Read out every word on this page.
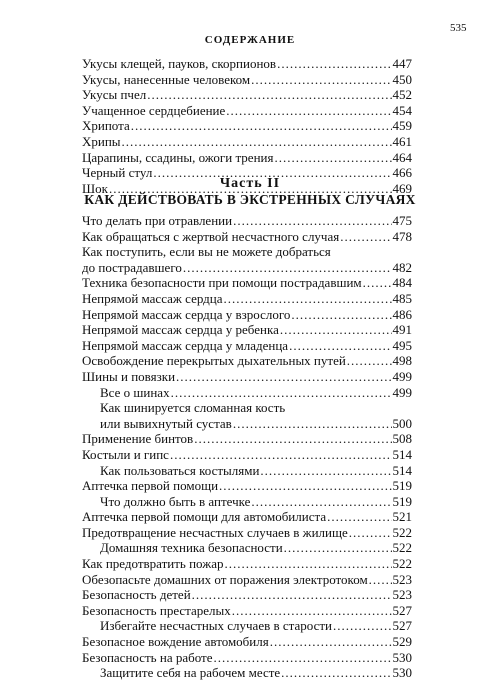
СОДЕРЖАНИЕ
535
Укусы клещей, пауков, скорпионов .....	447
Укусы, нанесенные человеком .....	450
Укусы пчел .....	452
Учащенное сердцебиение .....	454
Хрипота .....	459
Хрипы .....	461
Царапины, ссадины, ожоги трения .....	464
Черный стул .....	466
Шок .....	469
Часть II
КАК ДЕЙСТВОВАТЬ В ЭКСТРЕННЫХ СЛУЧАЯХ
Что делать при отравлении .....	475
Как обращаться с жертвой несчастного случая .....	478
Как поступить, если вы не можете добраться
до пострадавшего .....	482
Техника безопасности при помощи пострадавшим ..... 484
Непрямой массаж сердца .....	485
Непрямой массаж сердца у взрослого .....	486
Непрямой массаж сердца у ребенка .....	491
Непрямой массаж сердца у младенца .....	495
Освобождение перекрытых дыхательных путей .....	498
Шины и повязки .....	499
Все о шинах .....	499
Как шинируется сломанная кость
или вывихнутый сустав .....	500
Применение бинтов .....	508
Костыли и гипс .....	514
Как пользоваться костылями .....	514
Аптечка первой помощи .....	519
Что должно быть в аптечке .....	519
Аптечка первой помощи для автомобилиста .....	521
Предотвращение несчастных случаев в жилище .....	522
Домашняя техника безопасности .....	522
Как предотвратить пожар .....	522
Обезопасьте домашних от поражения электротоком ..... 523
Безопасность детей .....	523
Безопасность престарелых .....	527
Избегайте несчастных случаев в старости .....	527
Безопасное вождение автомобиля .....	529
Безопасность на работе .....	530
Защитите себя на рабочем месте .....	530
